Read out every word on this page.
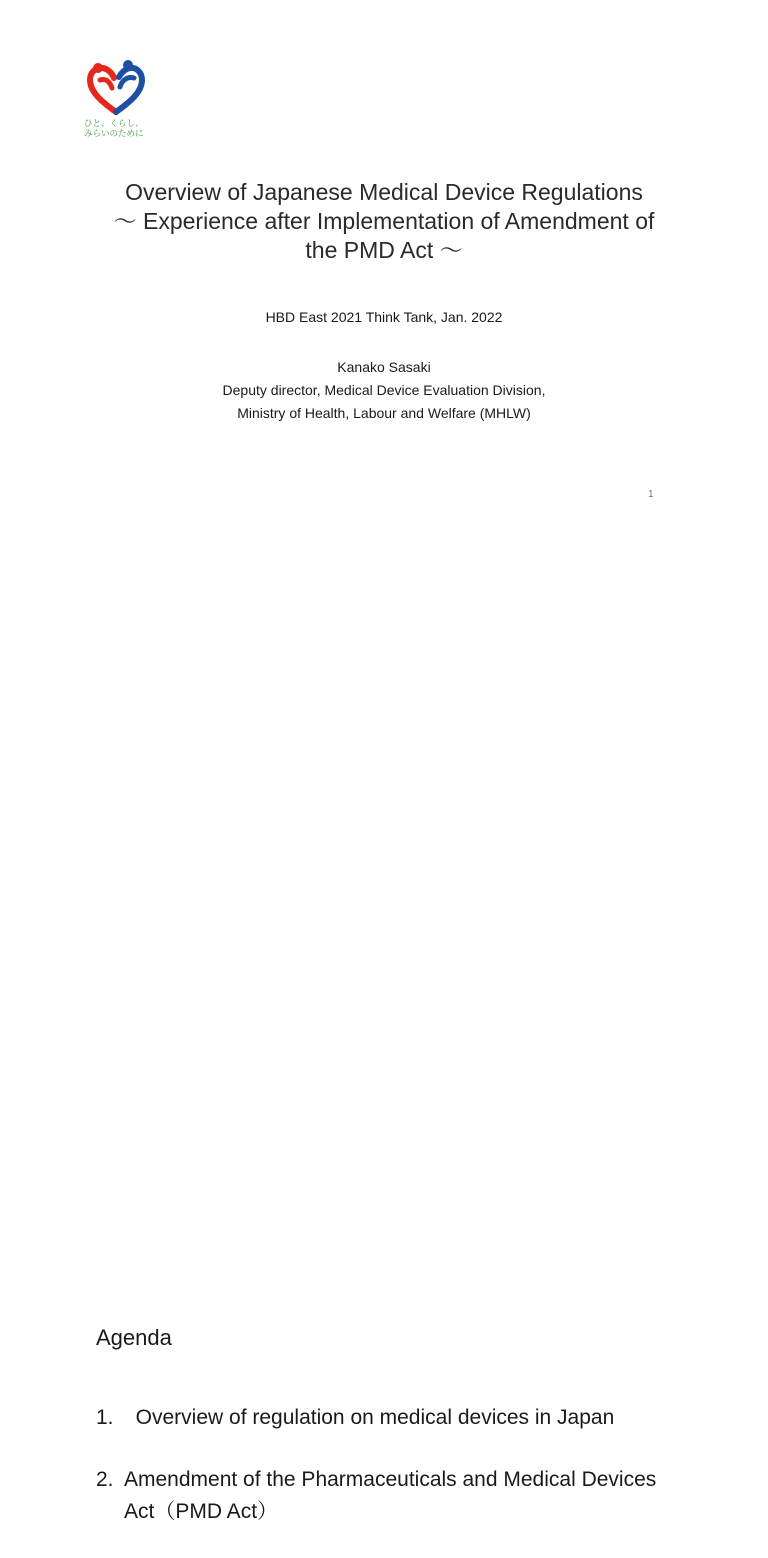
ひと、くらし、
みらいのために
Overview of Japanese Medical Device Regulations
～ Experience after Implementation of Amendment of
the PMD Act ～
HBD East 2021 Think Tank, Jan. 2022
Kanako Sasaki
Deputy director, Medical Device Evaluation Division,
Ministry of Health, Labour and Welfare (MHLW)
1
Agenda
1. Overview of regulation on medical devices in Japan
2. Amendment of the Pharmaceuticals and Medical Devices Act（PMD Act）
